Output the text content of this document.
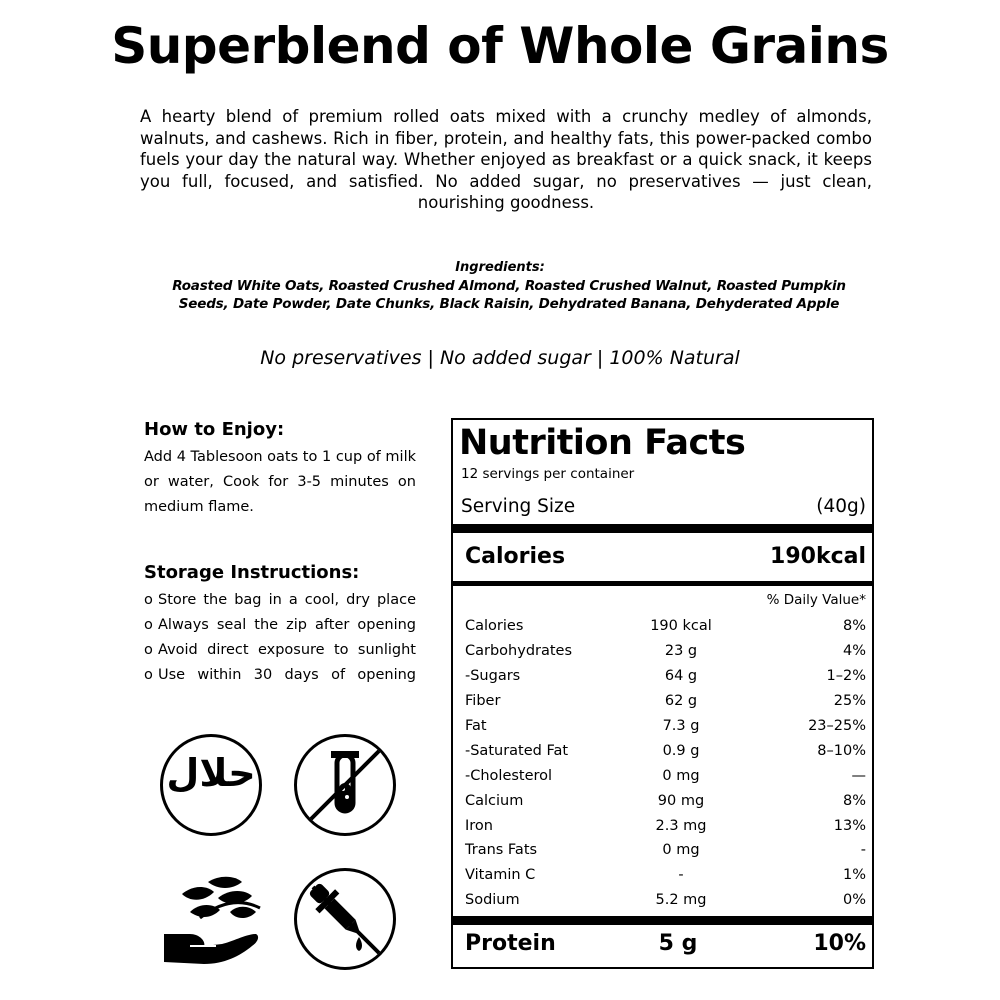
Superblend of Whole Grains
A hearty blend of premium rolled oats mixed with a crunchy medley of almonds, walnuts, and cashews. Rich in fiber, protein, and healthy fats, this power-packed combo fuels your day the natural way. Whether enjoyed as breakfast or a quick snack, it keeps you full, focused, and satisfied. No added sugar, no preservatives — just clean, nourishing goodness.
Ingredients:
Roasted White Oats, Roasted Crushed Almond, Roasted Crushed Walnut, Roasted Pumpkin Seeds, Date Powder, Date Chunks, Black Raisin, Dehydrated Banana, Dehyderated Apple
No preservatives | No added sugar | 100% Natural
How to Enjoy:

Add 4 Tablesoon oats to 1 cup of milk or water, Cook for 3-5 minutes on medium flame.

Storage Instructions:
o Store the bag in a cool, dry place
o Always seal the zip after opening
o Avoid direct exposure to sunlight
o Use within 30 days of opening
حلال
Nutrition Facts
12 servings per container
Serving Size	(40g)
Calories	190kcal
% Daily Value*
Calories	190 kcal	8%
Carbohydrates	23 g	4%
-Sugars	64 g	1–2%
Fiber	62 g	25%
Fat	7.3 g	23–25%
-Saturated Fat	0.9 g	8–10%
-Cholesterol	0 mg	—
Calcium	90 mg	8%
Iron	2.3 mg	13%
Trans Fats	0 mg	-
Vitamin C	-	1%
Sodium	5.2 mg	0%
Protein	5 g	10%
